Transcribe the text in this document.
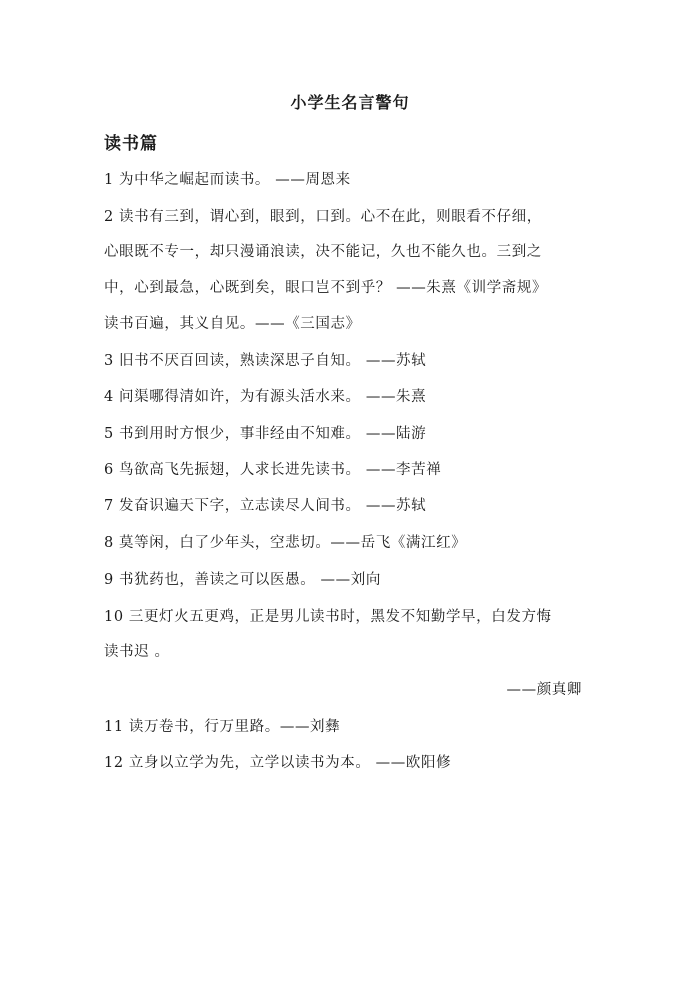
小学生名言警句
读书篇
1 为中华之崛起而读书。 ——周恩来
2 读书有三到，谓心到，眼到，口到。心不在此，则眼看不仔细，
心眼既不专一，却只漫诵浪读，决不能记，久也不能久也。三到之
中，心到最急，心既到矣，眼口岂不到乎？ ——朱熹《训学斋规》
读书百遍，其义自见。——《三国志》
3 旧书不厌百回读，熟读深思子自知。 ——苏轼
4 问渠哪得清如许，为有源头活水来。 ——朱熹
5 书到用时方恨少，事非经由不知难。 ——陆游
6 鸟欲高飞先振翅，人求长进先读书。 ——李苦禅
7 发奋识遍天下字，立志读尽人间书。 ——苏轼
8 莫等闲，白了少年头，空悲切。——岳飞《满江红》
9 书犹药也，善读之可以医愚。 ——刘向
10 三更灯火五更鸡，正是男儿读书时，黑发不知勤学早，白发方悔
读书迟 。
——颜真卿
11 读万卷书，行万里路。——刘彝
12 立身以立学为先，立学以读书为本。 ——欧阳修
